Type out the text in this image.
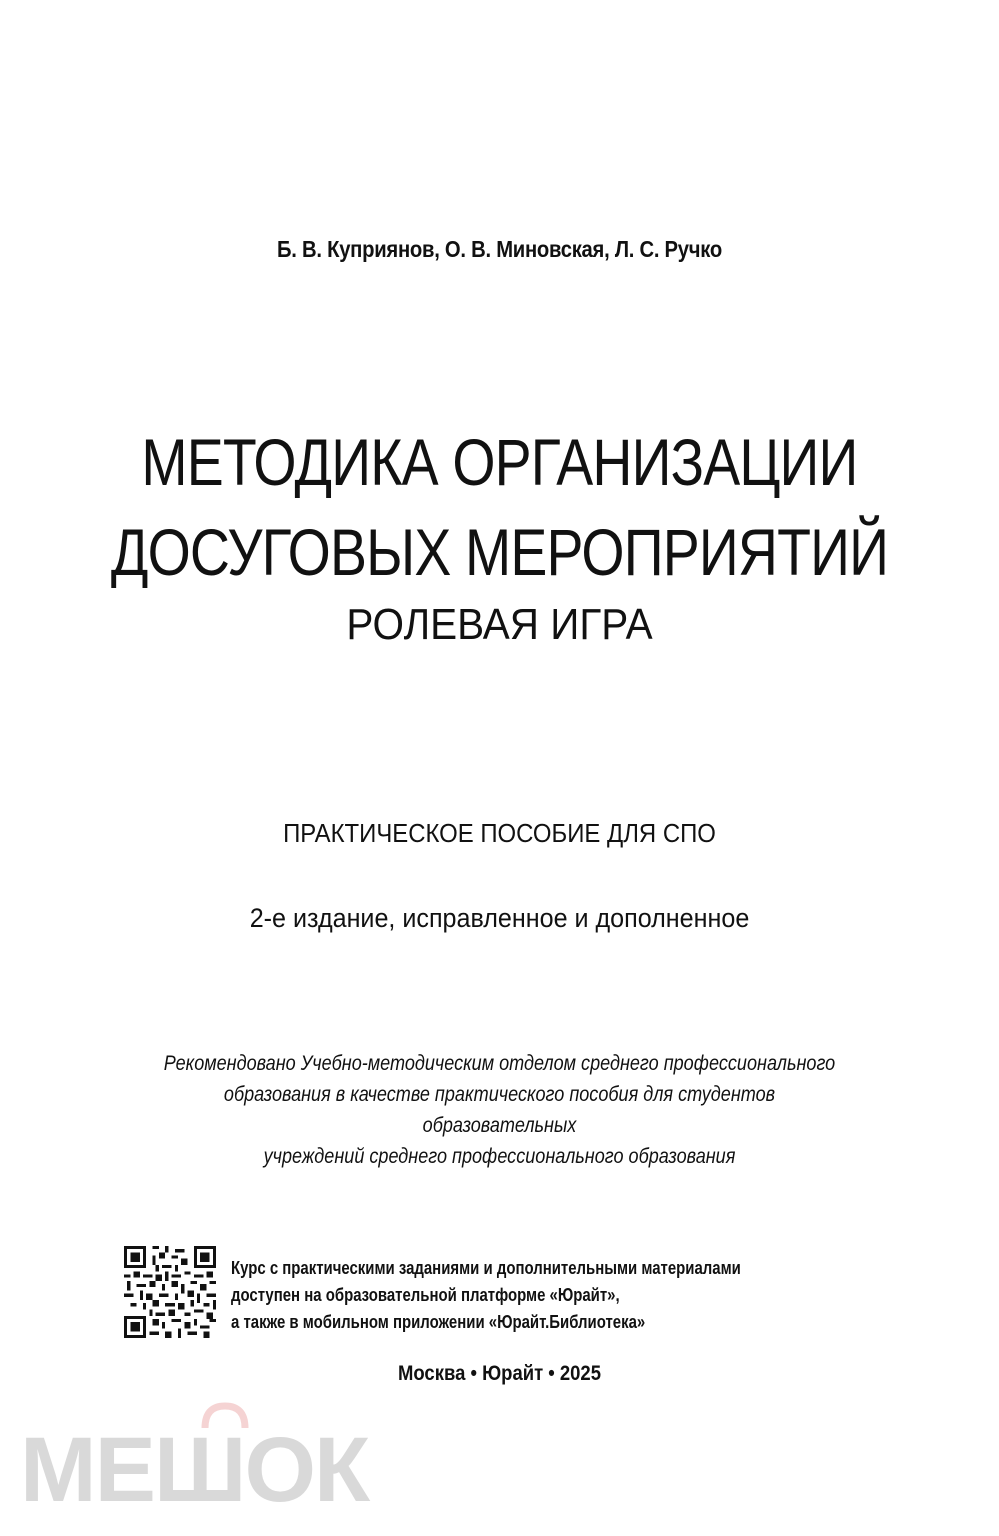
Б. В. Куприянов, О. В. Миновская, Л. С. Ручко
МЕТОДИКА ОРГАНИЗАЦИИ
ДОСУГОВЫХ МЕРОПРИЯТИЙ
РОЛЕВАЯ ИГРА
ПРАКТИЧЕСКОЕ ПОСОБИЕ ДЛЯ СПО
2-е издание, исправленное и дополненное
Рекомендовано Учебно-методическим отделом среднего профессионального
образования в качестве практического пособия для студентов образовательных
учреждений среднего профессионального образования
Курс с практическими заданиями и дополнительными материалами
доступен на образовательной платформе «Юрайт»,
а также в мобильном приложении «Юрайт.Библиотека»
Москва • Юрайт • 2025
МЕШОК
